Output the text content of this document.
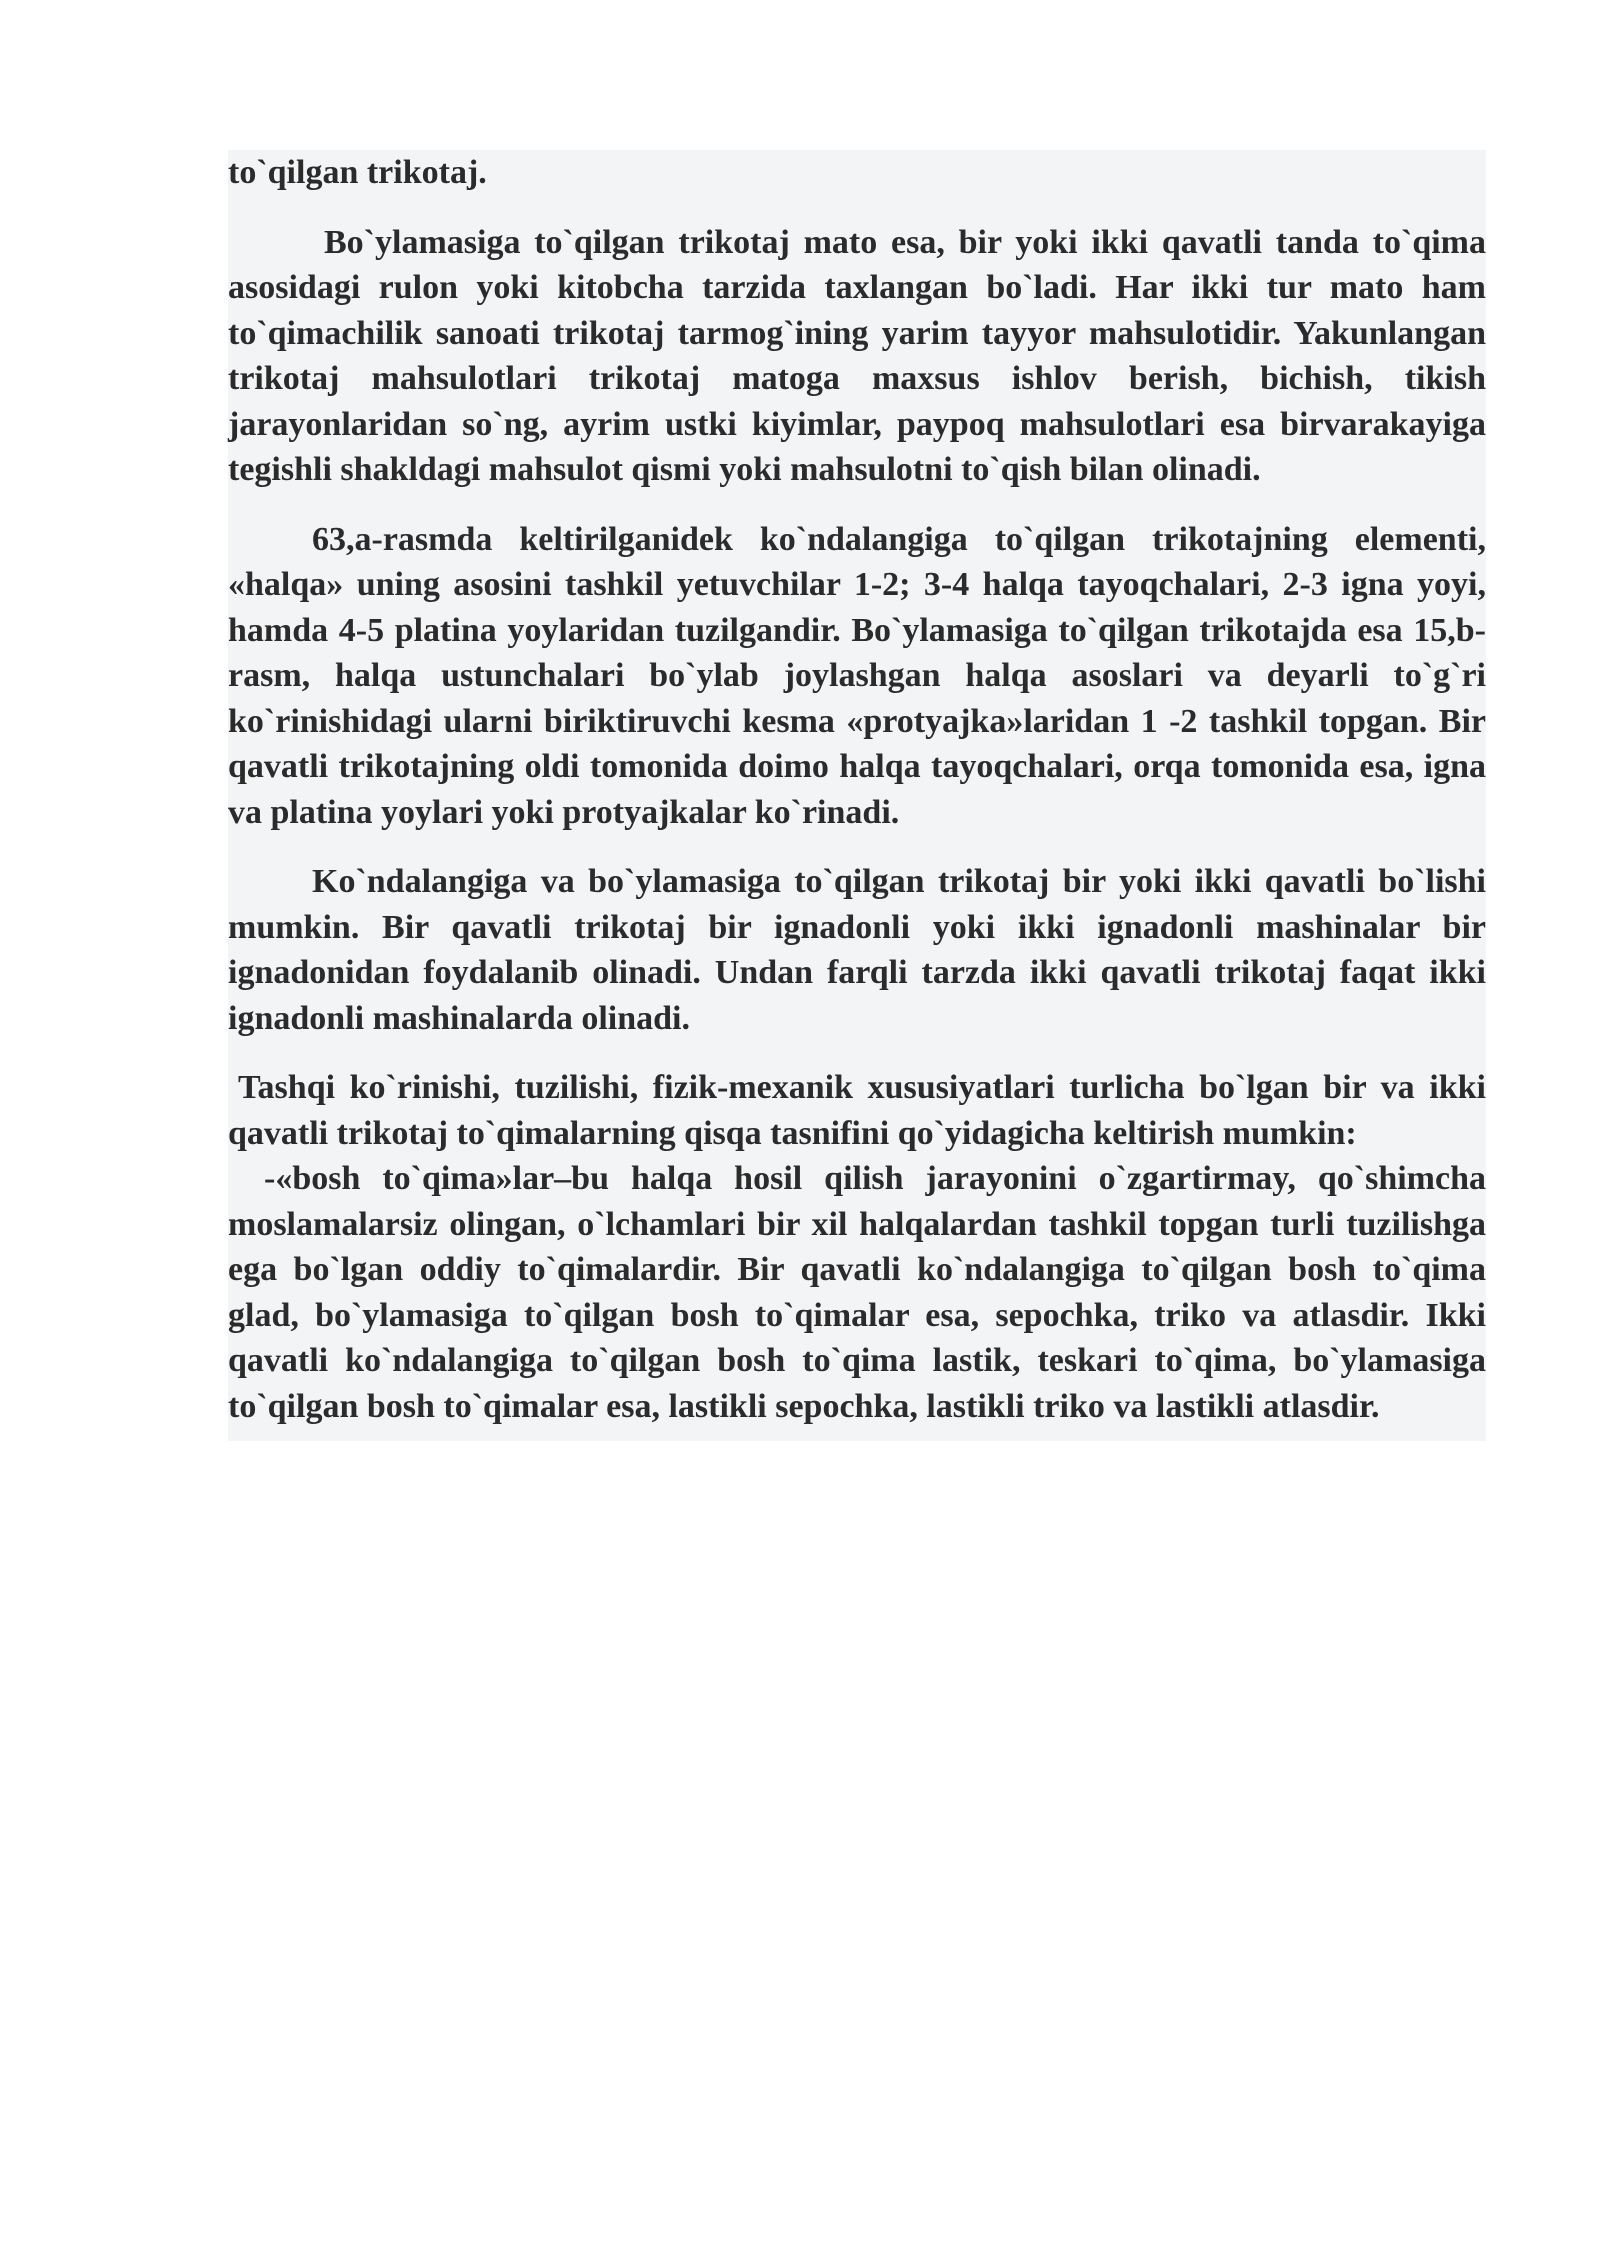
to`qilgan trikotaj.

Bo`ylamasiga to`qilgan trikotaj mato esa, bir yoki ikki qavatli tanda to`qima asosidagi rulon yoki kitobcha tarzida taxlangan bo`ladi. Har ikki tur mato ham to`qimachilik sanoati trikotaj tarmog`ining yarim tayyor mahsulotidir. Yakunlangan trikotaj mahsulotlari trikotaj matoga maxsus ishlov berish, bichish, tikish jarayonlaridan so`ng, ayrim ustki kiyimlar, paypoq mahsulotlari esa birvarakayiga tegishli shakldagi mahsulot qismi yoki mahsulotni to`qish bilan olinadi.

63,a-rasmda keltirilganidek ko`ndalangiga to`qilgan trikotajning elementi, «halqa» uning asosini tashkil yetuvchilar 1-2; 3-4 halqa tayoqchalari, 2-3 igna yoyi, hamda 4-5 platina yoylaridan tuzilgandir. Bo`ylamasiga to`qilgan trikotajda esa 15,b-rasm, halqa ustunchalari bo`ylab joylashgan halqa asoslari va deyarli to`g`ri ko`rinishidagi ularni biriktiruvchi kesma «protyajka»laridan 1 -2 tashkil topgan. Bir qavatli trikotajning oldi tomonida doimo halqa tayoqchalari, orqa tomonida esa, igna va platina yoylari yoki protyajkalar ko`rinadi.

Ko`ndalangiga va bo`ylamasiga to`qilgan trikotaj bir yoki ikki qavatli bo`lishi mumkin. Bir qavatli trikotaj bir ignadonli yoki ikki ignadonli mashinalar bir ignadonidan foydalanib olinadi. Undan farqli tarzda ikki qavatli trikotaj faqat ikki ignadonli mashinalarda olinadi.

Tashqi ko`rinishi, tuzilishi, fizik-mexanik xususiyatlari turlicha bo`lgan bir va ikki qavatli trikotaj to`qimalarning qisqa tasnifini qo`yidagicha keltirish mumkin:

-«bosh to`qima»lar–bu halqa hosil qilish jarayonini o`zgartirmay, qo`shimcha moslamalarsiz olingan, o`lchamlari bir xil halqalardan tashkil topgan turli tuzilishga ega bo`lgan oddiy to`qimalardir. Bir qavatli ko`ndalangiga to`qilgan bosh to`qima glad, bo`ylamasiga to`qilgan bosh to`qimalar esa, sepochka, triko va atlasdir. Ikki qavatli ko`ndalangiga to`qilgan bosh to`qima lastik, teskari to`qima, bo`ylamasiga to`qilgan bosh to`qimalar esa, lastikli sepochka, lastikli triko va lastikli atlasdir.
